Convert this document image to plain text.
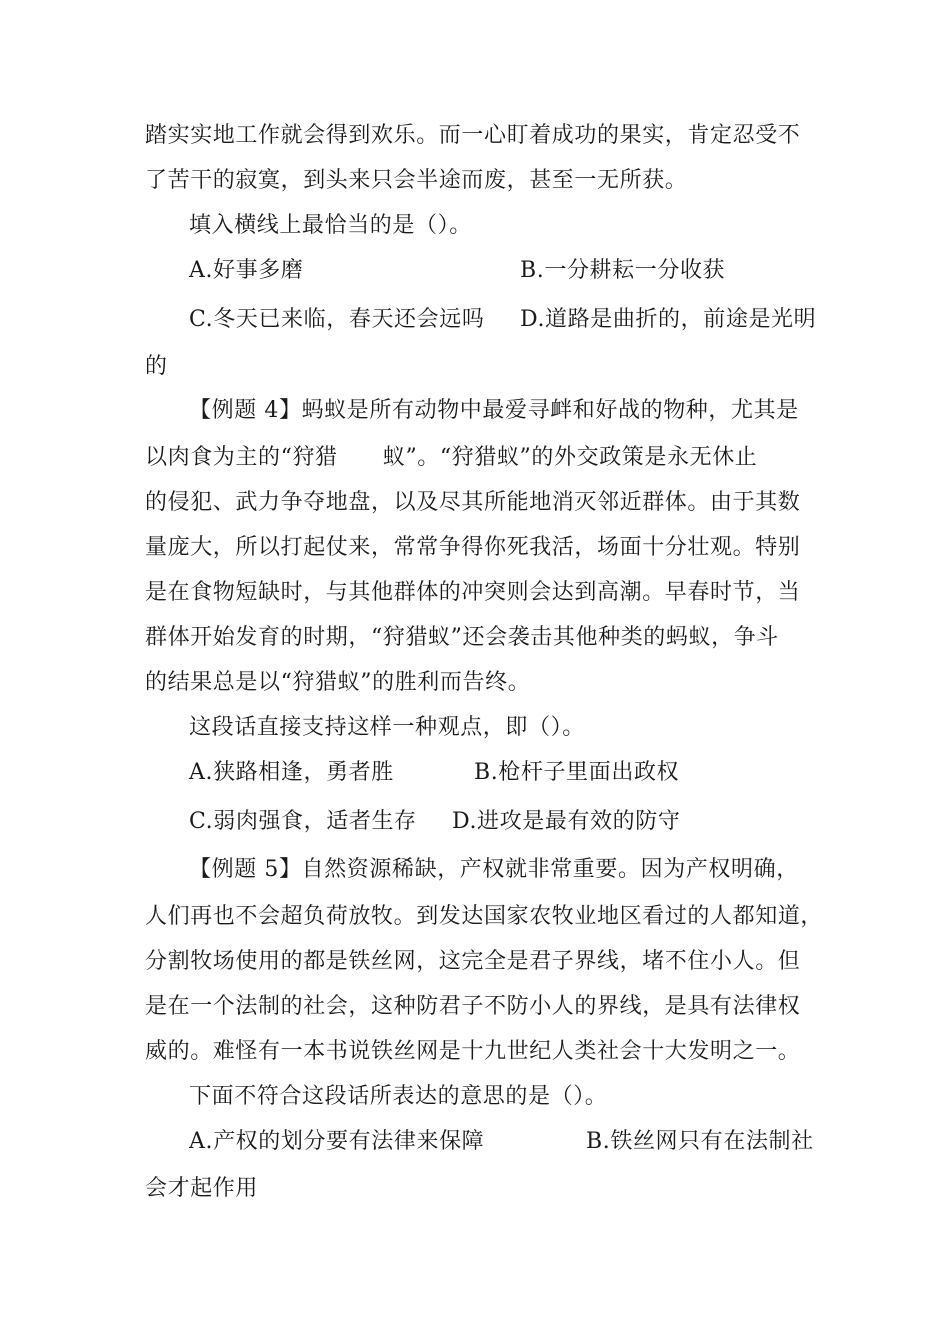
踏实实地工作就会得到欢乐。而一心盯着成功的果实，肯定忍受不
了苦干的寂寞，到头来只会半途而废，甚至一无所获。
填入横线上最恰当的是（）。
A.好事多磨	B.一分耕耘一分收获
C.冬天已来临，春天还会远吗 D.道路是曲折的，前途是光明
的
【例题 4】蚂蚁是所有动物中最爱寻衅和好战的物种，尤其是
以肉食为主的“狩猎　　蚁”。“狩猎蚁”的外交政策是永无休止
的侵犯、武力争夺地盘，以及尽其所能地消灭邻近群体。由于其数
量庞大，所以打起仗来，常常争得你死我活，场面十分壮观。特别
是在食物短缺时，与其他群体的冲突则会达到高潮。早春时节，当
群体开始发育的时期，“狩猎蚁”还会袭击其他种类的蚂蚁，争斗
的结果总是以“狩猎蚁”的胜利而告终。
这段话直接支持这样一种观点，即（）。
A.狭路相逢，勇者胜	B.枪杆子里面出政权
C.弱肉强食，适者生存 D.进攻是最有效的防守
【例题 5】自然资源稀缺，产权就非常重要。因为产权明确，
人们再也不会超负荷放牧。到发达国家农牧业地区看过的人都知道，
分割牧场使用的都是铁丝网，这完全是君子界线，堵不住小人。但
是在一个法制的社会，这种防君子不防小人的界线，是具有法律权
威的。难怪有一本书说铁丝网是十九世纪人类社会十大发明之一。
下面不符合这段话所表达的意思的是（）。
A.产权的划分要有法律来保障	B.铁丝网只有在法制社
会才起作用
